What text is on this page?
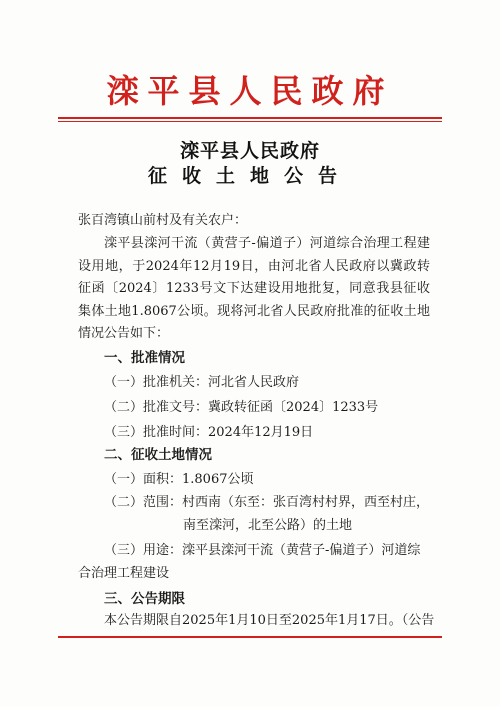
滦平县人民政府
滦平县人民政府
征收土地公告
张百湾镇山前村及有关农户：
滦平县滦河干流（黄营子-偏道子）河道综合治理工程建设用地，于2024年12月19日，由河北省人民政府以冀政转征函〔2024〕1233号文下达建设用地批复，同意我县征收集体土地1.8067公顷。现将河北省人民政府批准的征收土地情况公告如下：
一、批准情况
（一）批准机关：河北省人民政府
（二）批准文号：冀政转征函〔2024〕1233号
（三）批准时间：2024年12月19日
二、征收土地情况
（一）面积：1.8067公顷
（二）范围：村西南（东至：张百湾村村界，西至村庄，
南至滦河，北至公路）的土地
（三）用途：滦平县滦河干流（黄营子-偏道子）河道综
合治理工程建设
三、公告期限
本公告期限自2025年1月10日至2025年1月17日。（公告
